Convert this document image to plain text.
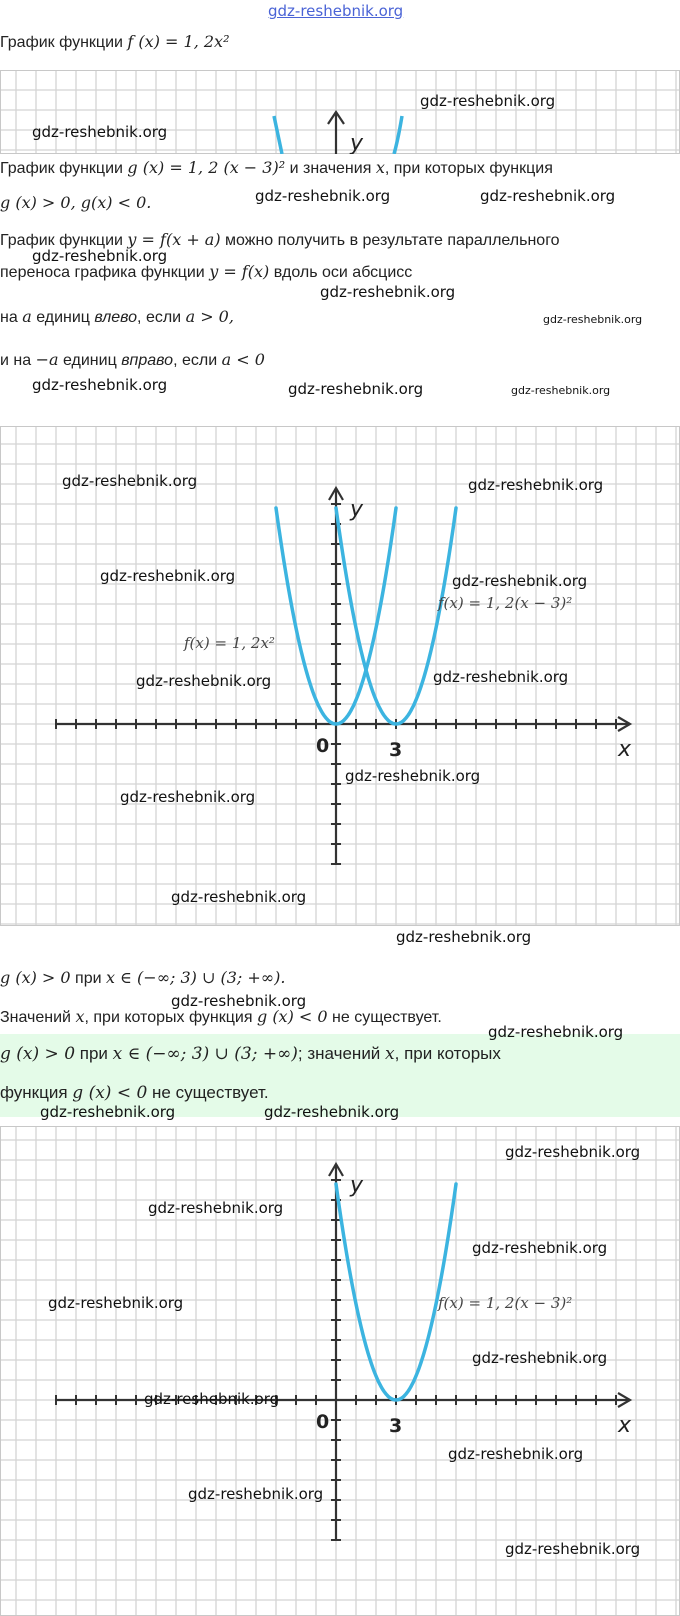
gdz-reshebnik.org
График функции f (x) = 1, 2x²
y
График функции g (x) = 1, 2 (x − 3)² и значения x, при которых функция
g (x) > 0, g(x) < 0.
График функции y = f(x + a) можно получить в результате параллельного
переноса графика функции y = f(x) вдоль оси абсцисс
на a единиц влево, если a > 0,
и на −a единиц вправо, если a < 0
x
y
0	3
f(x) = 1, 2x²
f(x) = 1, 2(x − 3)²
g (x) > 0 при x ∈ (−∞; 3) ∪ (3; +∞).
Значений x, при которых функция g (x) < 0 не существует.
g (x) > 0 при x ∈ (−∞; 3) ∪ (3; +∞); значений x, при которых
функция g (x) < 0 не существует.
x
y
0	3
f(x) = 1, 2(x − 3)²
gdz-reshebnik.org
gdz-reshebnik.org
gdz-reshebnik.org	gdz-reshebnik.org
gdz-reshebnik.org
gdz-reshebnik.org
gdz-reshebnik.org
gdz-reshebnik.org	gdz-reshebnik.org	gdz-reshebnik.org
gdz-reshebnik.org	gdz-reshebnik.org
gdz-reshebnik.org	gdz-reshebnik.org
gdz-reshebnik.org	gdz-reshebnik.org
gdz-reshebnik.org
gdz-reshebnik.org
gdz-reshebnik.org
gdz-reshebnik.org
gdz-reshebnik.org
gdz-reshebnik.org
gdz-reshebnik.org	gdz-reshebnik.org
gdz-reshebnik.org
gdz-reshebnik.org
gdz-reshebnik.org
gdz-reshebnik.org
gdz-reshebnik.org
gdz-reshebnik.org
gdz-reshebnik.org
gdz-reshebnik.org
gdz-reshebnik.org
